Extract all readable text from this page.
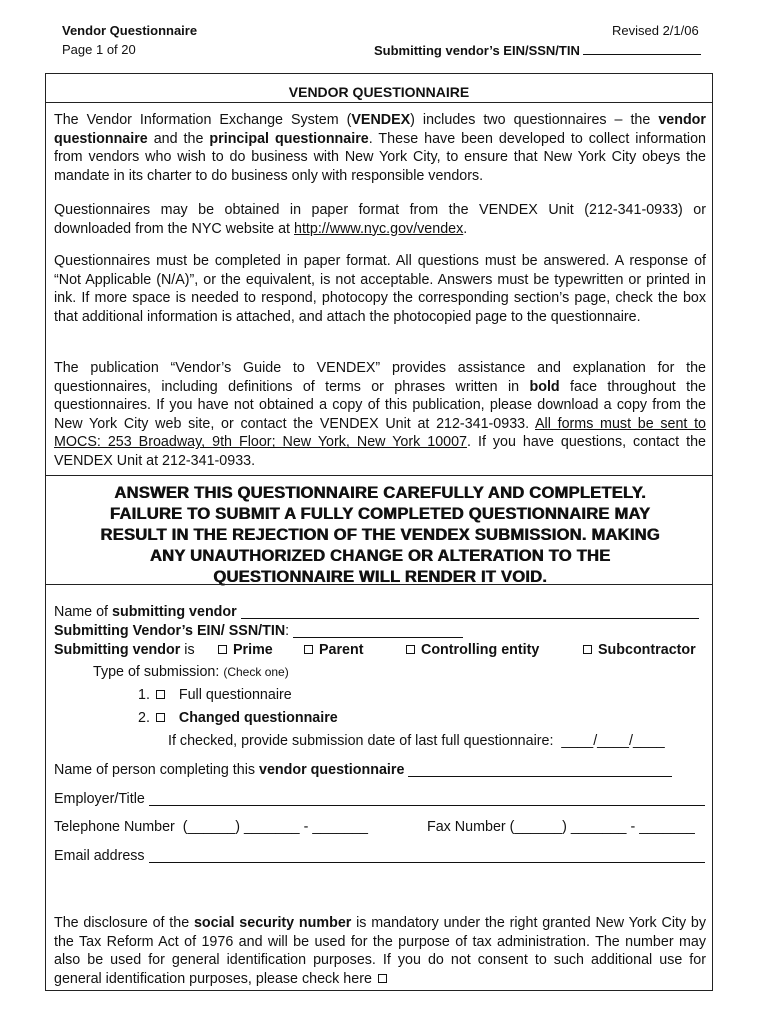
Vendor Questionnaire
Page 1 of 20
Revised 2/1/06
Submitting vendor’s EIN/SSN/TIN
VENDOR QUESTIONNAIRE

The Vendor Information Exchange System (VENDEX) includes two questionnaires – the vendor questionnaire and the principal questionnaire. These have been developed to collect information from vendors who wish to do business with New York City, to ensure that New York City obeys the mandate in its charter to do business only with responsible vendors.

Questionnaires may be obtained in paper format from the VENDEX Unit (212-341-0933) or downloaded from the NYC website at http://www.nyc.gov/vendex.

Questionnaires must be completed in paper format. All questions must be answered. A response of “Not Applicable (N/A)”, or the equivalent, is not acceptable. Answers must be typewritten or printed in ink. If more space is needed to respond, photocopy the corresponding section’s page, check the box that additional information is attached, and attach the photocopied page to the questionnaire.

The publication “Vendor’s Guide to VENDEX” provides assistance and explanation for the questionnaires, including definitions of terms or phrases written in bold face throughout the questionnaires. If you have not obtained a copy of this publication, please download a copy from the New York City web site, or contact the VENDEX Unit at 212-341-0933. All forms must be sent to MOCS: 253 Broadway, 9th Floor; New York, New York 10007. If you have questions, contact the VENDEX Unit at 212-341-0933.

ANSWER THIS QUESTIONNAIRE CAREFULLY AND COMPLETELY.
FAILURE TO SUBMIT A FULLY COMPLETED QUESTIONNAIRE MAY
RESULT IN THE REJECTION OF THE VENDEX SUBMISSION. MAKING
ANY UNAUTHORIZED CHANGE OR ALTERATION TO THE
QUESTIONNAIRE WILL RENDER IT VOID.
Name of submitting vendor
Submitting Vendor’s EIN/ SSN/TIN:
Submitting vendor is	Prime	Parent	Controlling entity	Subcontractor
Type of submission: (Check one)
1. Full questionnaire
2. Changed questionnaire
If checked, provide submission date of last full questionnaire: ____/____/____
Name of person completing this vendor questionnaire
Employer/Title
Telephone Number (______) _______ - _______	Fax Number (______) _______ - _______
Email address

The disclosure of the social security number is mandatory under the right granted New York City by the Tax Reform Act of 1976 and will be used for the purpose of tax administration. The number may also be used for general identification purposes. If you do not consent to such additional use for general identification purposes, please check here
